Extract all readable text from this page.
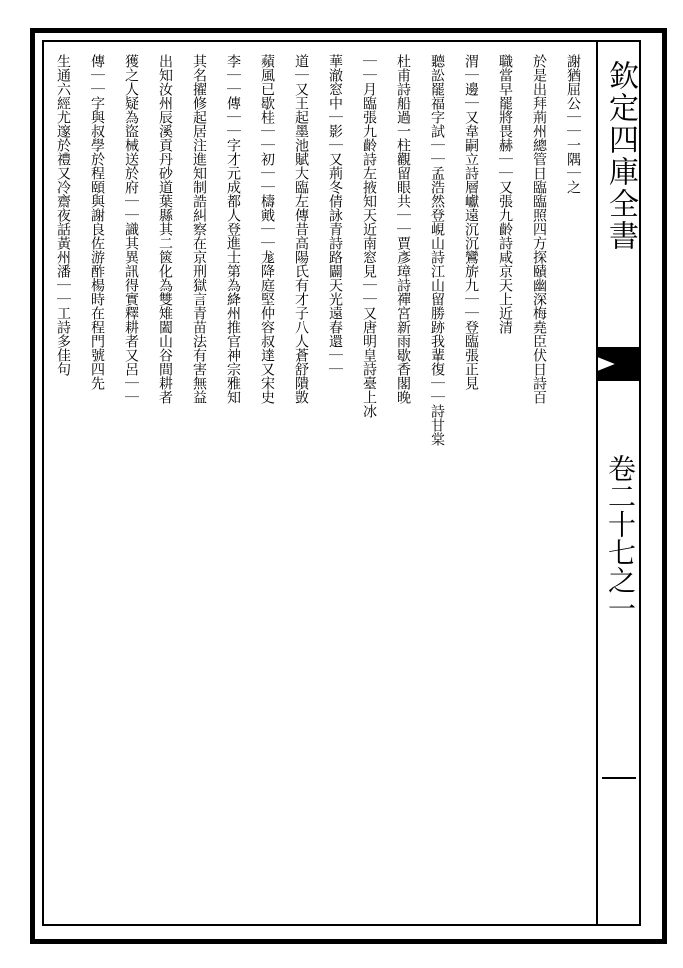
欽定四庫全書
卷二十七之一
謝猶屈公｜｜一隅｜之
於是出拜荊州總管日臨臨照四方探賾幽深梅堯臣伏日詩百
職當早罷將畏赫｜｜又張九齡詩咸京天上近清
渭｜邊｜又韋嗣立詩層巘遠沉沉鸞旂九｜｜登臨張正見
聽訟罷福字試｜｜孟浩然登峴山詩江山留勝跡我輩復｜｜詩甘棠
杜甫詩船過一柱觀留眼共｜｜賈彥璋詩禪宮新雨歇香閣晚
｜｜月臨張九齡詩左掖知天近南窓見｜｜又唐明皇詩臺上冰
華澈窓中｜影｜又荊冬倩詠青詩路闢天光遠春還｜｜
道｜又王起墨池賦大臨左傳昔高陽氏有才子八人蒼舒隤敳
蘋風已歇桂｜｜初｜｜檮戭｜｜尨降庭堅仲容叔達又宋史
李｜｜傳｜｜字才元成都人登進士第為絳州推官神宗雅知
其名擢修起居注進知制誥糾察在京刑獄言青苗法有害無益
出知汝州辰溪貢丹砂道葉縣其二篋化為雙雉闔山谷間耕者
獲之人疑為盜械送於府｜｜識其異訊得實釋耕者又呂｜｜
傳｜｜字與叔學於程頤與謝良佐游酢楊時在程門號四先
生通六經尤邃於禮又冷齋夜話黃州潘｜｜工詩多佳句
